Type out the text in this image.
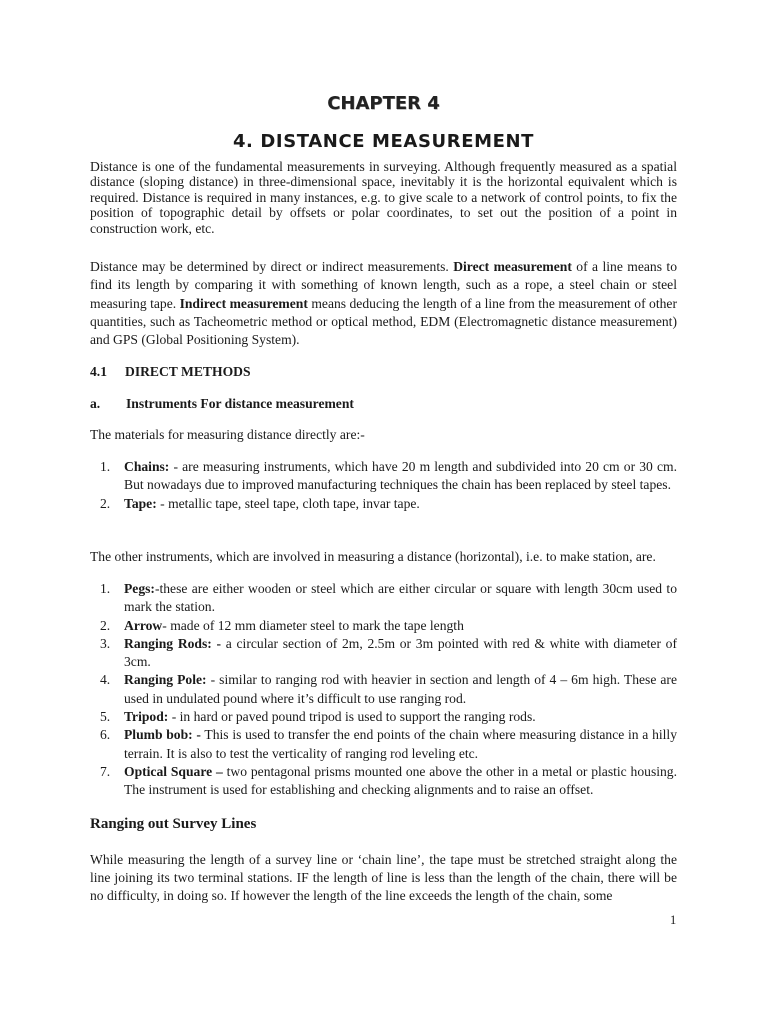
CHAPTER 4
4. DISTANCE MEASUREMENT

Distance is one of the fundamental measurements in surveying. Although frequently measured as a spatial distance (sloping distance) in three-dimensional space, inevitably it is the horizontal equivalent which is required. Distance is required in many instances, e.g. to give scale to a network of control points, to fix the position of topographic detail by offsets or polar coordinates, to set out the position of a point in construction work, etc.

Distance may be determined by direct or indirect measurements. Direct measurement of a line means to find its length by comparing it with something of known length, such as a rope, a steel chain or steel measuring tape. Indirect measurement means deducing the length of a line from the measurement of other quantities, such as Tacheometric method or optical method, EDM (Electromagnetic distance measurement) and GPS (Global Positioning System).

4.1 DIRECT METHODS
a. Instruments For distance measurement
The materials for measuring distance directly are:-
1. Chains: - are measuring instruments, which have 20 m length and subdivided into 20 cm or 30 cm. But nowadays due to improved manufacturing techniques the chain has been replaced by steel tapes.
2. Tape: - metallic tape, steel tape, cloth tape, invar tape.
The other instruments, which are involved in measuring a distance (horizontal), i.e. to make station, are.
1. Pegs:-these are either wooden or steel which are either circular or square with length 30cm used to mark the station.
2. Arrow- made of 12 mm diameter steel to mark the tape length
3. Ranging Rods: - a circular section of 2m, 2.5m or 3m pointed with red & white with diameter of 3cm.
4. Ranging Pole: - similar to ranging rod with heavier in section and length of 4 – 6m high. These are used in undulated pound where it’s difficult to use ranging rod.
5. Tripod: - in hard or paved pound tripod is used to support the ranging rods.
6. Plumb bob: - This is used to transfer the end points of the chain where measuring distance in a hilly terrain. It is also to test the verticality of ranging rod leveling etc.
7. Optical Square – two pentagonal prisms mounted one above the other in a metal or plastic housing. The instrument is used for establishing and checking alignments and to raise an offset.
Ranging out Survey Lines

While measuring the length of a survey line or ‘chain line’, the tape must be stretched straight along the line joining its two terminal stations. IF the length of line is less than the length of the chain, there will be no difficulty, in doing so. If however the length of the line exceeds the length of the chain, some

1
